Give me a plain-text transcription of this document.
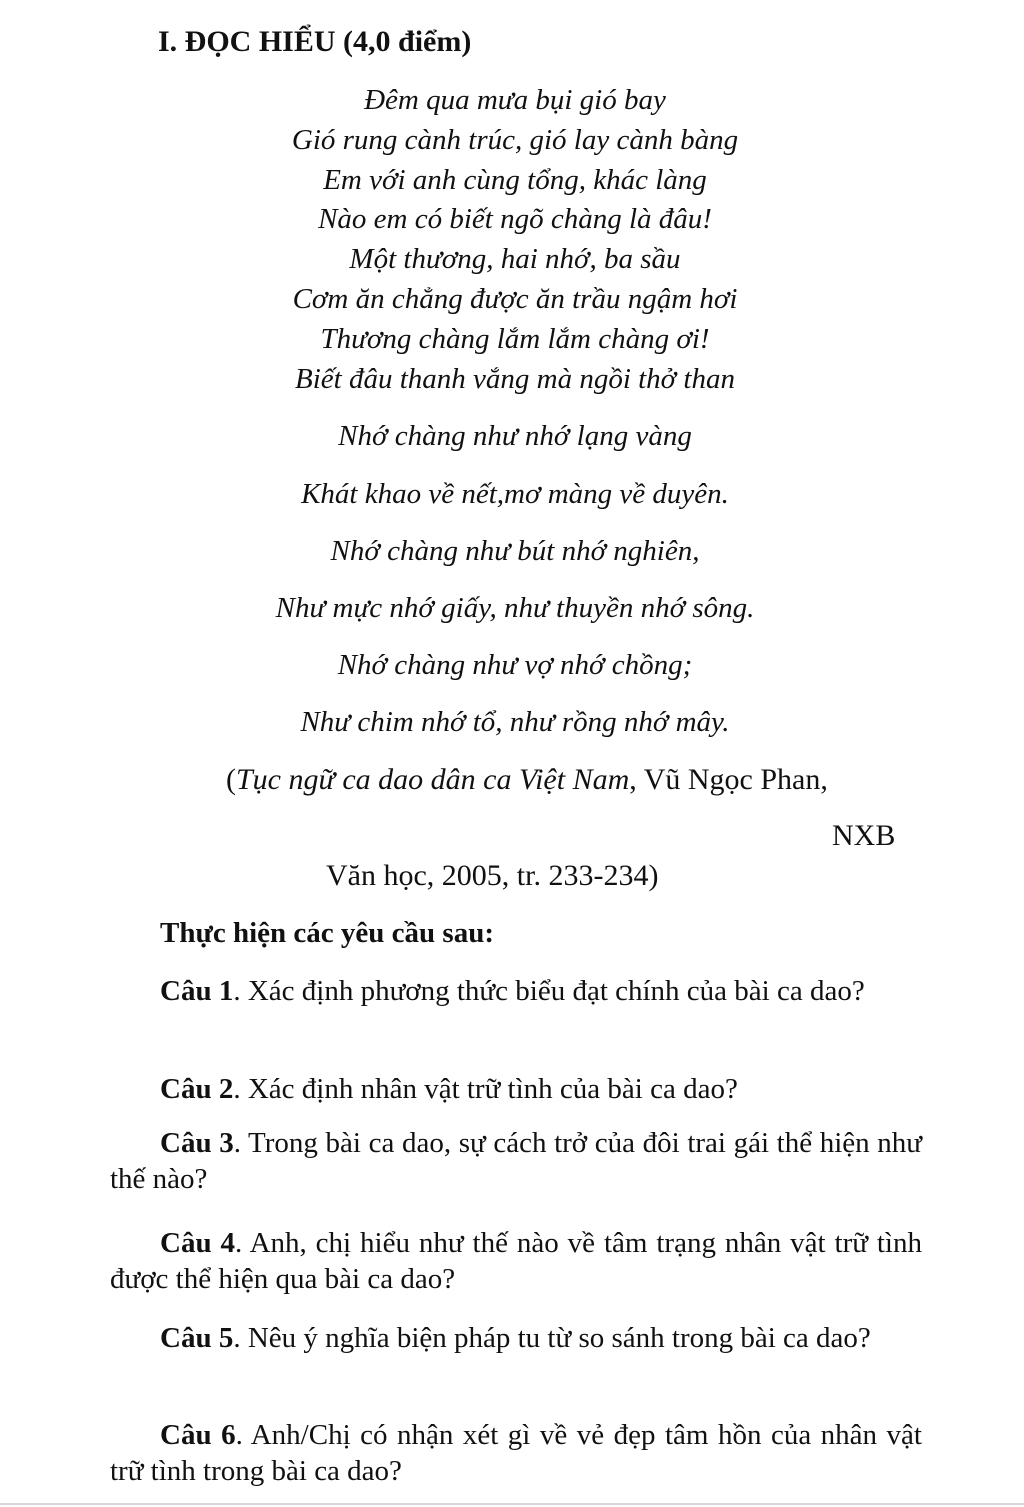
I. ĐỌC HIỂU (4,0 điểm)
Đêm qua mưa bụi gió bay
Gió rung cành trúc, gió lay cành bàng
Em với anh cùng tổng, khác làng
Nào em có biết ngõ chàng là đâu!
Một thương, hai nhớ, ba sầu
Cơm ăn chẳng được ăn trầu ngậm hơi
Thương chàng lắm lắm chàng ơi!
Biết đâu thanh vắng mà ngồi thở than
Nhớ chàng như nhớ lạng vàng
Khát khao về nết,mơ màng về duyên.
Nhớ chàng như bút nhớ nghiên,
Như mực nhớ giấy, như thuyền nhớ sông.
Nhớ chàng như vợ nhớ chồng;
Như chim nhớ tổ, như rồng nhớ mây.
(Tục ngữ ca dao dân ca Việt Nam, Vũ Ngọc Phan,
NXB
Văn học, 2005, tr. 233-234)
Thực hiện các yêu cầu sau:
Câu 1. Xác định phương thức biểu đạt chính của bài ca dao?
Câu 2. Xác định nhân vật trữ tình của bài ca dao?
Câu 3. Trong bài ca dao, sự cách trở của đôi trai gái thể hiện như thế nào?
Câu 4. Anh, chị hiểu như thế nào về tâm trạng nhân vật trữ tình được thể hiện qua bài ca dao?
Câu 5. Nêu ý nghĩa biện pháp tu từ so sánh trong bài ca dao?
Câu 6. Anh/Chị có nhận xét gì về vẻ đẹp tâm hồn của nhân vật trữ tình trong bài ca dao?
